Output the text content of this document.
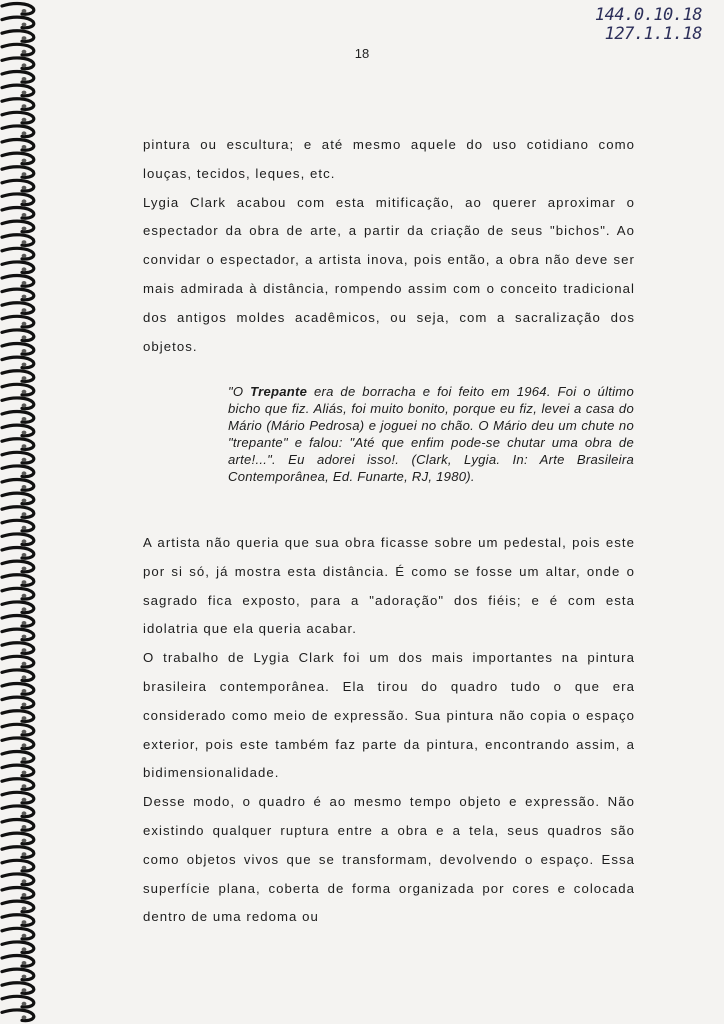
144.0.10.18
127.1.1.18
18

pintura ou escultura; e até mesmo aquele do uso cotidiano como louças, tecidos, leques, etc.

Lygia Clark acabou com esta mitificação, ao querer aproximar o espectador da obra de arte, a partir da criação de seus "bichos". Ao convidar o espectador, a artista inova, pois então, a obra não deve ser mais admirada à distância, rompendo assim com o conceito tradicional dos antigos moldes acadêmicos, ou seja, com a sacralização dos objetos.

"O Trepante era de borracha e foi feito em 1964. Foi o último bicho que fiz. Aliás, foi muito bonito, porque eu fiz, levei a casa do Mário (Mário Pedrosa) e joguei no chão. O Mário deu um chute no "trepante" e falou: "Até que enfim pode-se chutar uma obra de arte!...". Eu adorei isso!. (Clark, Lygia. In: Arte Brasileira Contemporânea, Ed. Funarte, RJ, 1980).

A artista não queria que sua obra ficasse sobre um pedestal, pois este por si só, já mostra esta distância. É como se fosse um altar, onde o sagrado fica exposto, para a "adoração" dos fiéis; e é com esta idolatria que ela queria acabar.

O trabalho de Lygia Clark foi um dos mais importantes na pintura brasileira contemporânea. Ela tirou do quadro tudo o que era considerado como meio de expressão. Sua pintura não copia o espaço exterior, pois este também faz parte da pintura, encontrando assim, a bidimensionalidade.

Desse modo, o quadro é ao mesmo tempo objeto e expressão. Não existindo qualquer ruptura entre a obra e a tela, seus quadros são como objetos vivos que se transformam, devolvendo o espaço. Essa superfície plana, coberta de forma organizada por cores e colocada dentro de uma redoma ou
